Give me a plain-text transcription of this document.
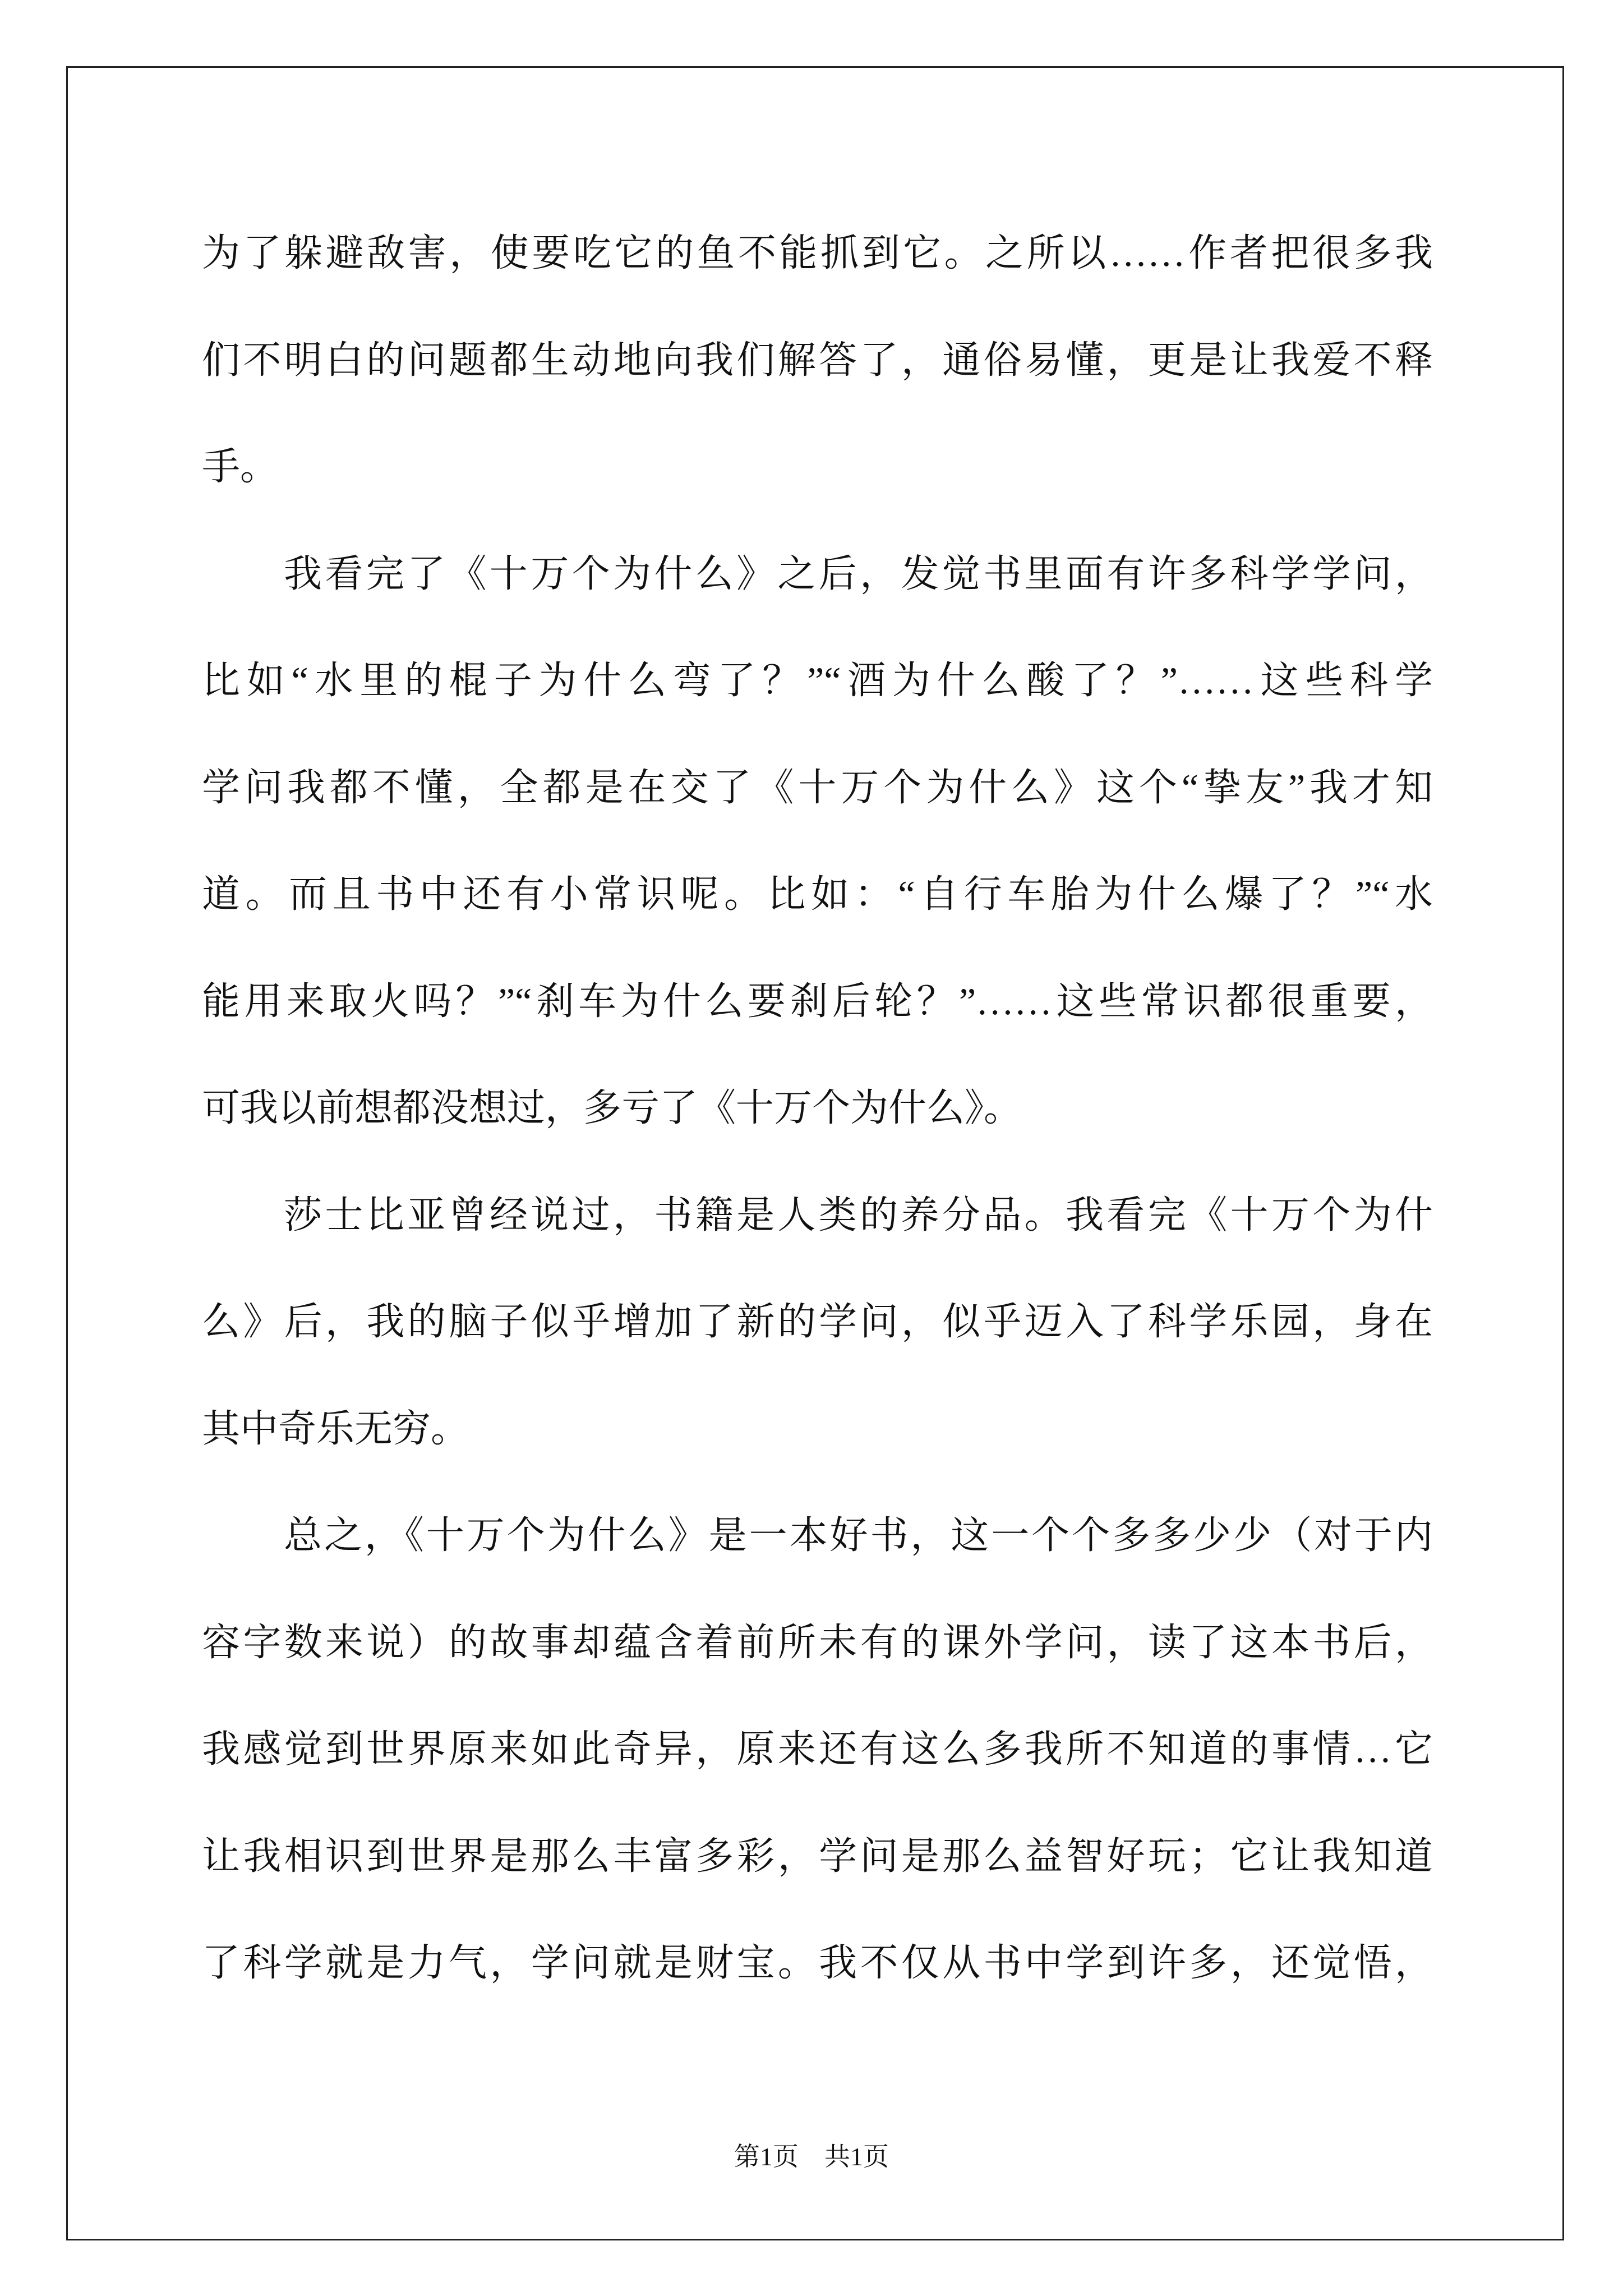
为了躲避敌害，使要吃它的鱼不能抓到它。之所以……作者把很多我
们不明白的问题都生动地向我们解答了，通俗易懂，更是让我爱不释
手。
我看完了《十万个为什么》之后，发觉书里面有许多科学学问，
比如“水里的棍子为什么弯了？”“酒为什么酸了？”……这些科学
学问我都不懂，全都是在交了《十万个为什么》这个“挚友”我才知
道。而且书中还有小常识呢。比如：“自行车胎为什么爆了？”“水
能用来取火吗？”“刹车为什么要刹后轮？”……这些常识都很重要，
可我以前想都没想过，多亏了《十万个为什么》。
莎士比亚曾经说过，书籍是人类的养分品。我看完《十万个为什
么》后，我的脑子似乎增加了新的学问，似乎迈入了科学乐园，身在
其中奇乐无穷。
总之，《十万个为什么》是一本好书，这一个个多多少少（对于内
容字数来说）的故事却蕴含着前所未有的课外学问，读了这本书后，
我感觉到世界原来如此奇异，原来还有这么多我所不知道的事情…它
让我相识到世界是那么丰富多彩，学问是那么益智好玩；它让我知道
了科学就是力气，学问就是财宝。我不仅从书中学到许多，还觉悟，
第1页　共1页
